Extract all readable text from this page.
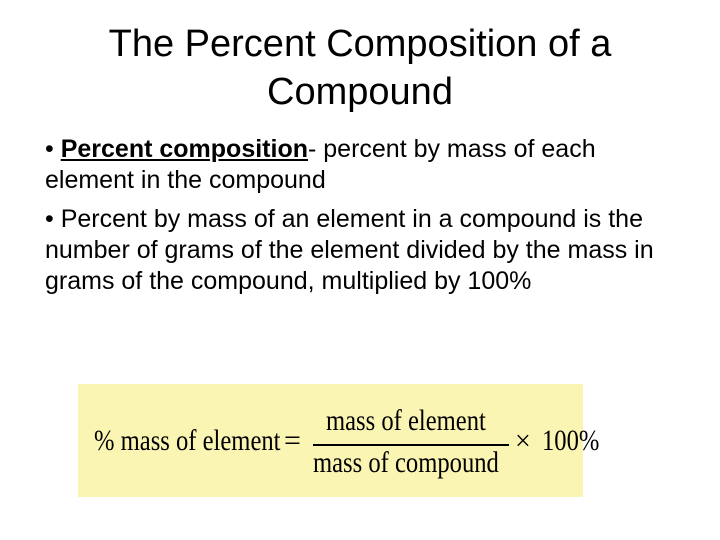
The Percent Composition of a
Compound

• Percent composition- percent by mass of each element in the compound

• Percent by mass of an element in a compound is the number of grams of the element divided by the mass in grams of the compound, multiplied by 100%

% mass of element =
mass of element
mass of compound
× 100%
